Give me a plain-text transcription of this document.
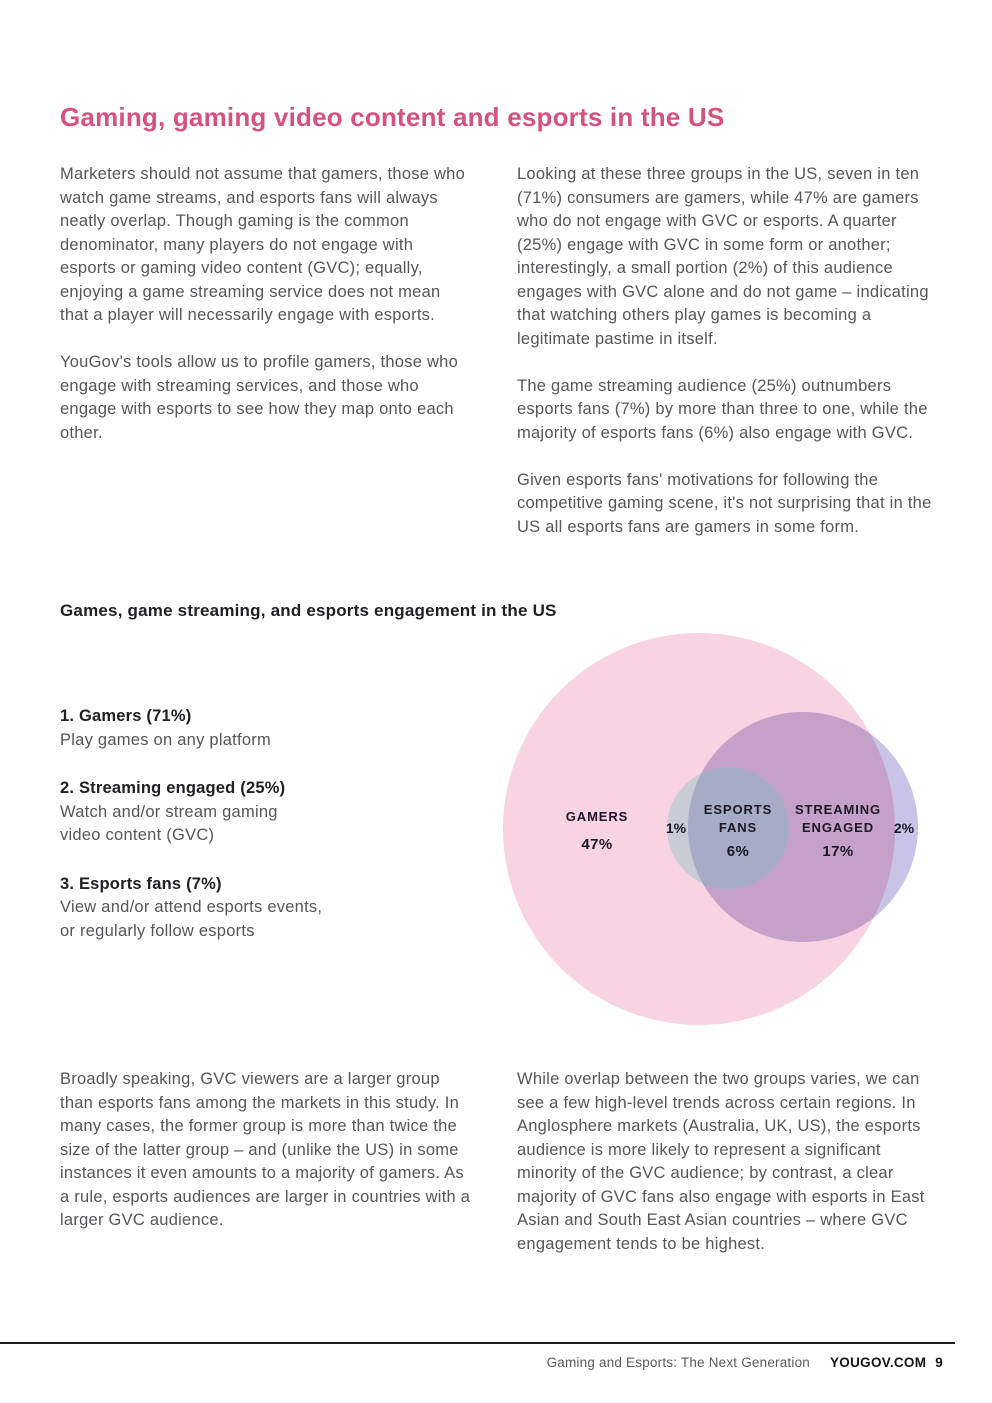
Gaming, gaming video content and esports in the US

Marketers should not assume that gamers, those who watch game streams, and esports fans will always neatly overlap. Though gaming is the common denominator, many players do not engage with esports or gaming video content (GVC); equally, enjoying a game streaming service does not mean that a player will necessarily engage with esports.

YouGov's tools allow us to profile gamers, those who engage with streaming services, and those who engage with esports to see how they map onto each other.

Looking at these three groups in the US, seven in ten (71%) consumers are gamers, while 47% are gamers who do not engage with GVC or esports. A quarter (25%) engage with GVC in some form or another; interestingly, a small portion (2%) of this audience engages with GVC alone and do not game – indicating that watching others play games is becoming a legitimate pastime in itself.

The game streaming audience (25%) outnumbers esports fans (7%) by more than three to one, while the majority of esports fans (6%) also engage with GVC.

Given esports fans' motivations for following the competitive gaming scene, it's not surprising that in the US all esports fans are gamers in some form.

Games, game streaming, and esports engagement in the US
1. Gamers (71%)
Play games on any platform
2. Streaming engaged (25%)
Watch and/or stream gaming
video content (GVC)
3. Esports fans (7%)
View and/or attend esports events,
or regularly follow esports
GAMERS
47%
1%
ESPORTS
FANS
6%
STREAMING
ENGAGED
17%
2%

Broadly speaking, GVC viewers are a larger group than esports fans among the markets in this study. In many cases, the former group is more than twice the size of the latter group – and (unlike the US) in some instances it even amounts to a majority of gamers. As a rule, esports audiences are larger in countries with a larger GVC audience.

While overlap between the two groups varies, we can see a few high-level trends across certain regions. In Anglosphere markets (Australia, UK, US), the esports audience is more likely to represent a significant minority of the GVC audience; by contrast, a clear majority of GVC fans also engage with esports in East Asian and South East Asian countries – where GVC engagement tends to be highest.

Gaming and Esports: The Next Generation YOUGOV.COM 9
